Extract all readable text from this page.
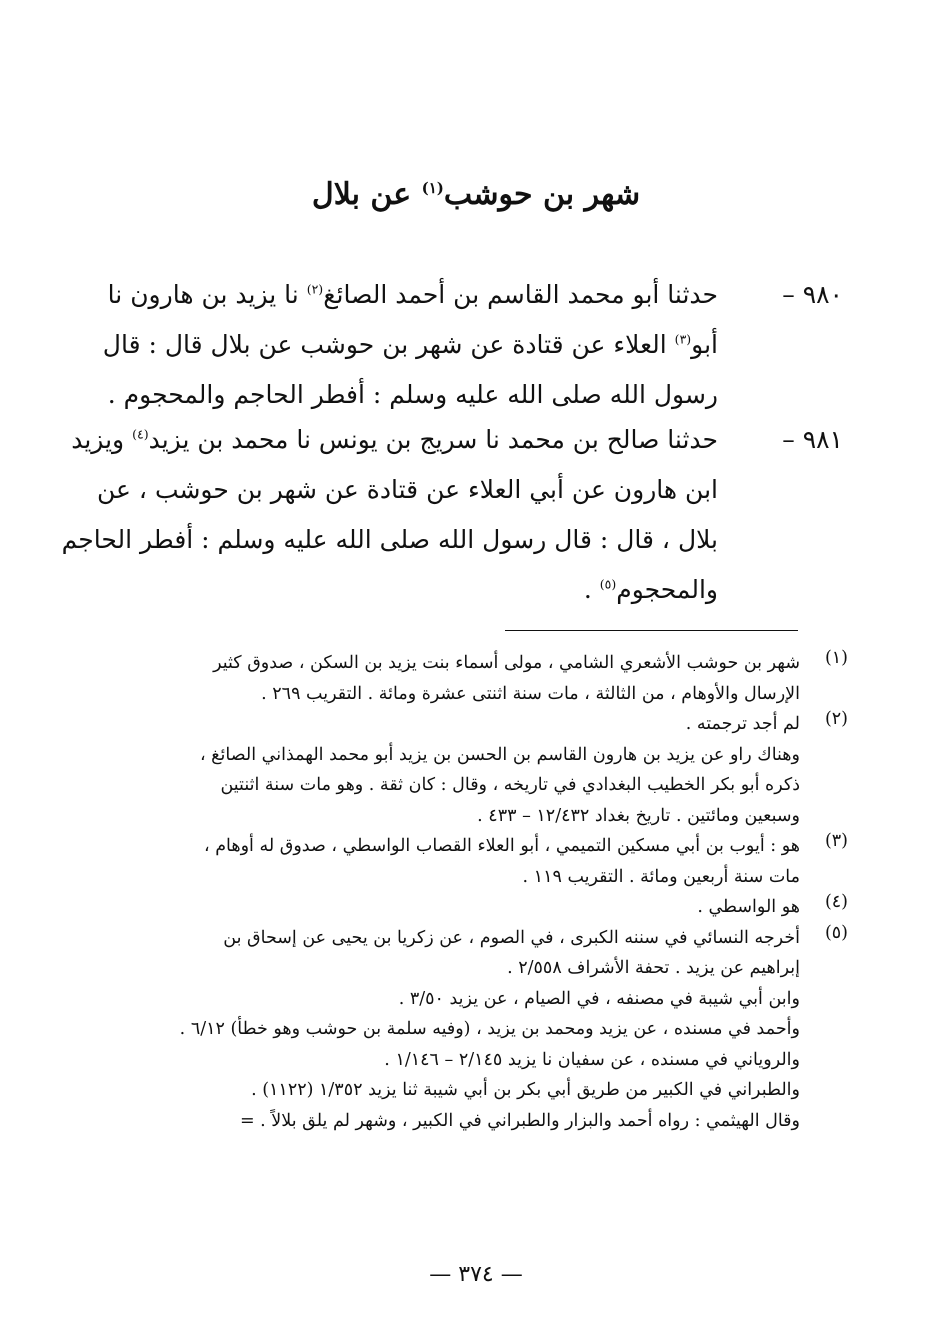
شهر بن حوشب$^{(١)}$ عن بلال
٩٨٠ –
حدثنا أبو محمد القاسم بن أحمد الصائغ$^{(٢)}$ نا يزيد بن هارون نا
أبو$^{(٣)}$ العلاء عن قتادة عن شهر بن حوشب عن بلال قال : قال
رسول الله صلى الله عليه وسلم : أفطر الحاجم والمحجوم .
٩٨١ –
حدثنا صالح بن محمد نا سريج بن يونس نا محمد بن يزيد$^{(٤)}$ ويزيد
ابن هارون عن أبي العلاء عن قتادة عن شهر بن حوشب ، عن
بلال ، قال : قال رسول الله صلى الله عليه وسلم : أفطر الحاجم
والمحجوم$^{(٥)}$ .
(١)
شهر بن حوشب الأشعري الشامي ، مولى أسماء بنت يزيد بن السكن ، صدوق كثير
الإرسال والأوهام ، من الثالثة ، مات سنة اثنتى عشرة ومائة . التقريب ٢٦٩ .
(٢)
لم أجد ترجمته .
وهناك راو عن يزيد بن هارون القاسم بن الحسن بن يزيد أبو محمد الهمذاني الصائغ ،
ذكره أبو بكر الخطيب البغدادي في تاريخه ، وقال : كان ثقة . وهو مات سنة اثنتين
وسبعين ومائتين . تاريخ بغداد ١٢/٤٣٢ – ٤٣٣ .
(٣)
هو : أيوب بن أبي مسكين التميمي ، أبو العلاء القصاب الواسطي ، صدوق له أوهام ،
مات سنة أربعين ومائة . التقريب ١١٩ .
(٤)
هو الواسطي .
(٥)
أخرجه النسائي في سننه الكبرى ، في الصوم ، عن زكريا بن يحيى عن إسحاق بن
إبراهيم عن يزيد . تحفة الأشراف ٢/٥٥٨ .
وابن أبي شيبة في مصنفه ، في الصيام ، عن يزيد ٣/٥٠ .
وأحمد في مسنده ، عن يزيد ومحمد بن يزيد ، (وفيه سلمة بن حوشب وهو خطأ) ٦/١٢ .
والروياني في مسنده ، عن سفيان نا يزيد ٢/١٤٥ – ١/١٤٦ .
والطبراني في الكبير من طريق أبي بكر بن أبي شيبة ثنا يزيد ١/٣٥٢ (١١٢٢) .
وقال الهيثمي : رواه أحمد والبزار والطبراني في الكبير ، وشهر لم يلق بلالاً . =
— ٣٧٤ —
